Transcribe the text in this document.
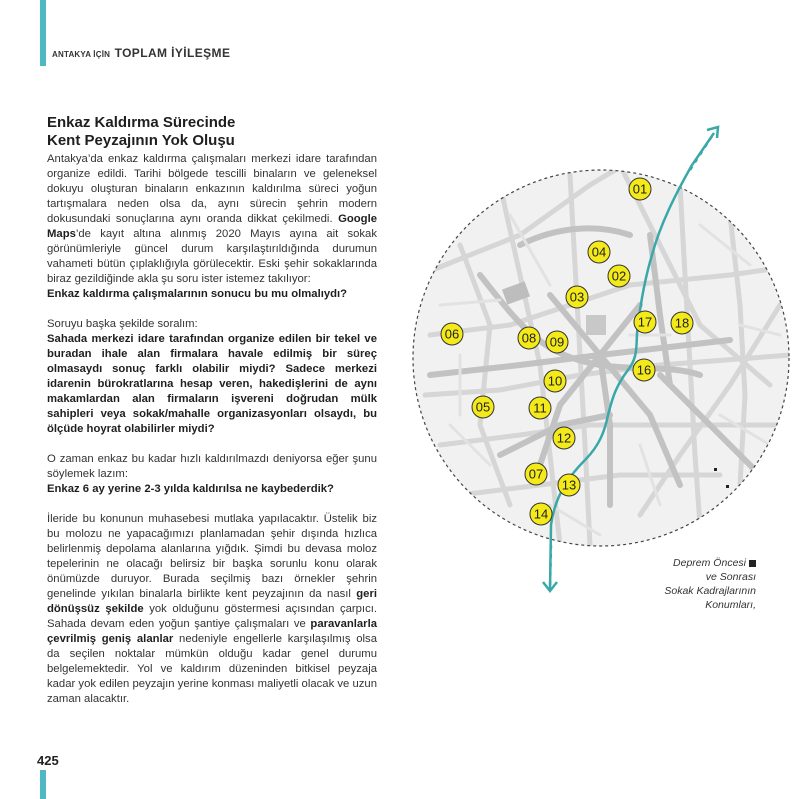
ANTAKYA İÇİN TOPLAM İYİLEŞME
Enkaz Kaldırma Sürecinde
Kent Peyzajının Yok Oluşu

Antakya’da enkaz kaldırma çalışmaları merkezi idare tarafından organize edildi. Tarihi bölgede tescilli binaların ve geleneksel dokuyu oluşturan binaların enkazının kaldırılma süreci yoğun tartışmalara neden olsa da, aynı sürecin şehrin modern dokusundaki sonuçlarına aynı oranda dikkat çekilmedi. Google Maps’de kayıt altına alınmış 2020 Mayıs ayına ait sokak görünümleriyle güncel durum karşılaştırıldığında durumun vahameti bütün çıplaklığıyla görülecektir. Eski şehir sokaklarında biraz gezildiğinde akla şu soru ister istemez takılıyor:

Enkaz kaldırma çalışmalarının sonucu bu mu olmalıydı?

Soruyu başka şekilde soralım:

Sahada merkezi idare tarafından organize edilen bir tekel ve buradan ihale alan firmalara havale edilmiş bir süreç olmasaydı sonuç farklı olabilir miydi? Sadece merkezi idarenin bürokratlarına hesap veren, hakedişlerini de aynı makamlardan alan firmaların işvereni doğrudan mülk sahipleri veya sokak/mahalle organizasyonları olsaydı, bu ölçüde hoyrat olabilirler miydi?

O zaman enkaz bu kadar hızlı kaldırılmazdı deniyorsa eğer şunu söylemek lazım:

Enkaz 6 ay yerine 2-3 yılda kaldırılsa ne kaybederdik?

İleride bu konunun muhasebesi mutlaka yapılacaktır. Üstelik biz bu molozu ne yapacağımızı planlamadan şehir dışında hızlıca belirlenmiş depolama alanlarına yığdık. Şimdi bu devasa moloz tepelerinin ne olacağı belirsiz bir başka sorunlu konu olarak önümüzde duruyor. Burada seçilmiş bazı örnekler şehrin genelinde yıkılan binalarla birlikte kent peyzajının da nasıl geri dönüşsüz şekilde yok olduğunu göstermesi açısından çarpıcı. Sahada devam eden yoğun şantiye çalışmaları ve paravanlarla çevrilmiş geniş alanlar nedeniyle engellerle karşılaşılmış olsa da seçilen noktalar mümkün olduğu kadar genel durumu belgelemektedir. Yol ve kaldırım düzeninden bitkisel peyzaja kadar yok edilen peyzajın yerine konması maliyetli olacak ve uzun zaman alacaktır.

01
02
03
04
05
06
07
08 09
10
11
12
13
14
16
17 18
Deprem Öncesi
ve Sonrası
Sokak Kadrajlarının
Konumları,
425
